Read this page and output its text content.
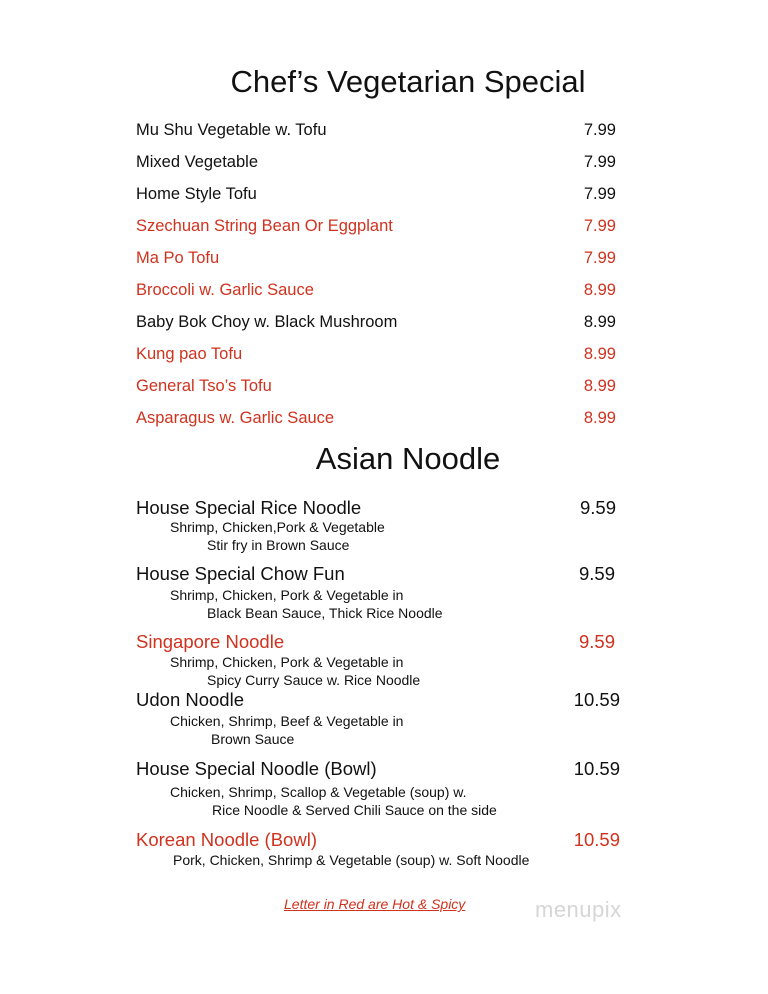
Chef’s Vegetarian Special
Mu Shu Vegetable w. Tofu	7.99
Mixed Vegetable	7.99
Home Style Tofu	7.99
Szechuan String Bean Or Eggplant	7.99
Ma Po Tofu	7.99
Broccoli w. Garlic Sauce	8.99
Baby Bok Choy w. Black Mushroom	8.99
Kung pao Tofu	8.99
General Tso’s Tofu	8.99
Asparagus w. Garlic Sauce	8.99
Asian Noodle
House Special Rice Noodle	9.59
Shrimp, Chicken,Pork & Vegetable
Stir fry in Brown Sauce
House Special Chow Fun	9.59
Shrimp, Chicken, Pork & Vegetable in
Black Bean Sauce, Thick Rice Noodle
Singapore Noodle	9.59
Shrimp, Chicken, Pork & Vegetable in
Spicy Curry Sauce w. Rice Noodle
Udon Noodle	10.59
Chicken, Shrimp, Beef & Vegetable in
Brown Sauce
House Special Noodle (Bowl)	10.59
Chicken, Shrimp, Scallop & Vegetable (soup) w.
Rice Noodle & Served Chili Sauce on the side
Korean Noodle (Bowl)	10.59
Pork, Chicken, Shrimp & Vegetable (soup) w. Soft Noodle
Letter in Red are Hot & Spicy	menupix
